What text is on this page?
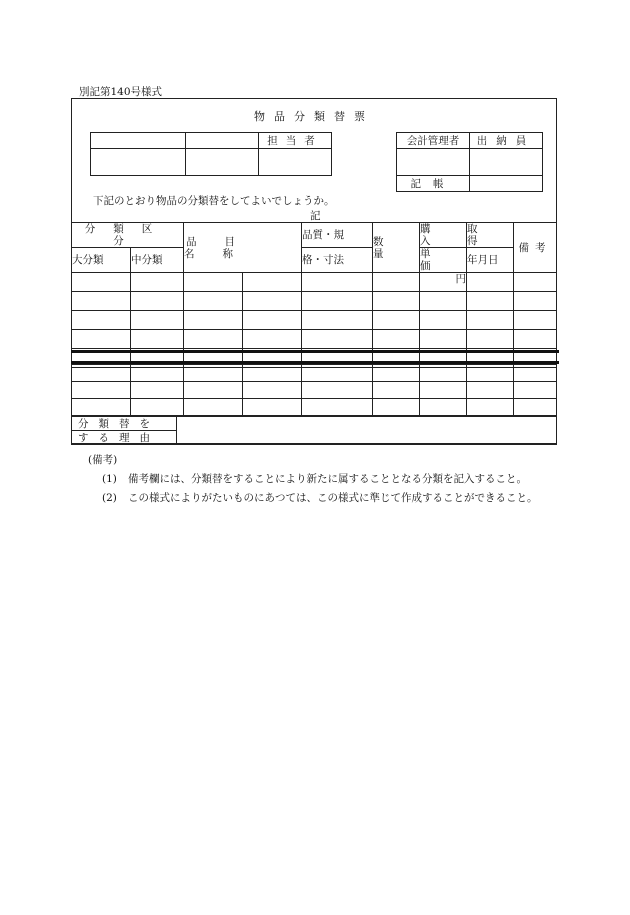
別記第140号様式
物品分類替票
		担当者
			会計管理者	出納員

記帳	
下記のとおり物品の分類替をしてよいでしょうか。
記
分類区分		品目名称		品質・規	数量	購入	取得	備考
大分類	中分類			格・寸法		単価	年月日	
						円		

分類替を	
する理由
(備考)
(1)	備考欄には、分類替をすることにより新たに属することとなる分類を記入すること。
(2)	この様式によりがたいものにあつては、この様式に準じて作成することができること。
